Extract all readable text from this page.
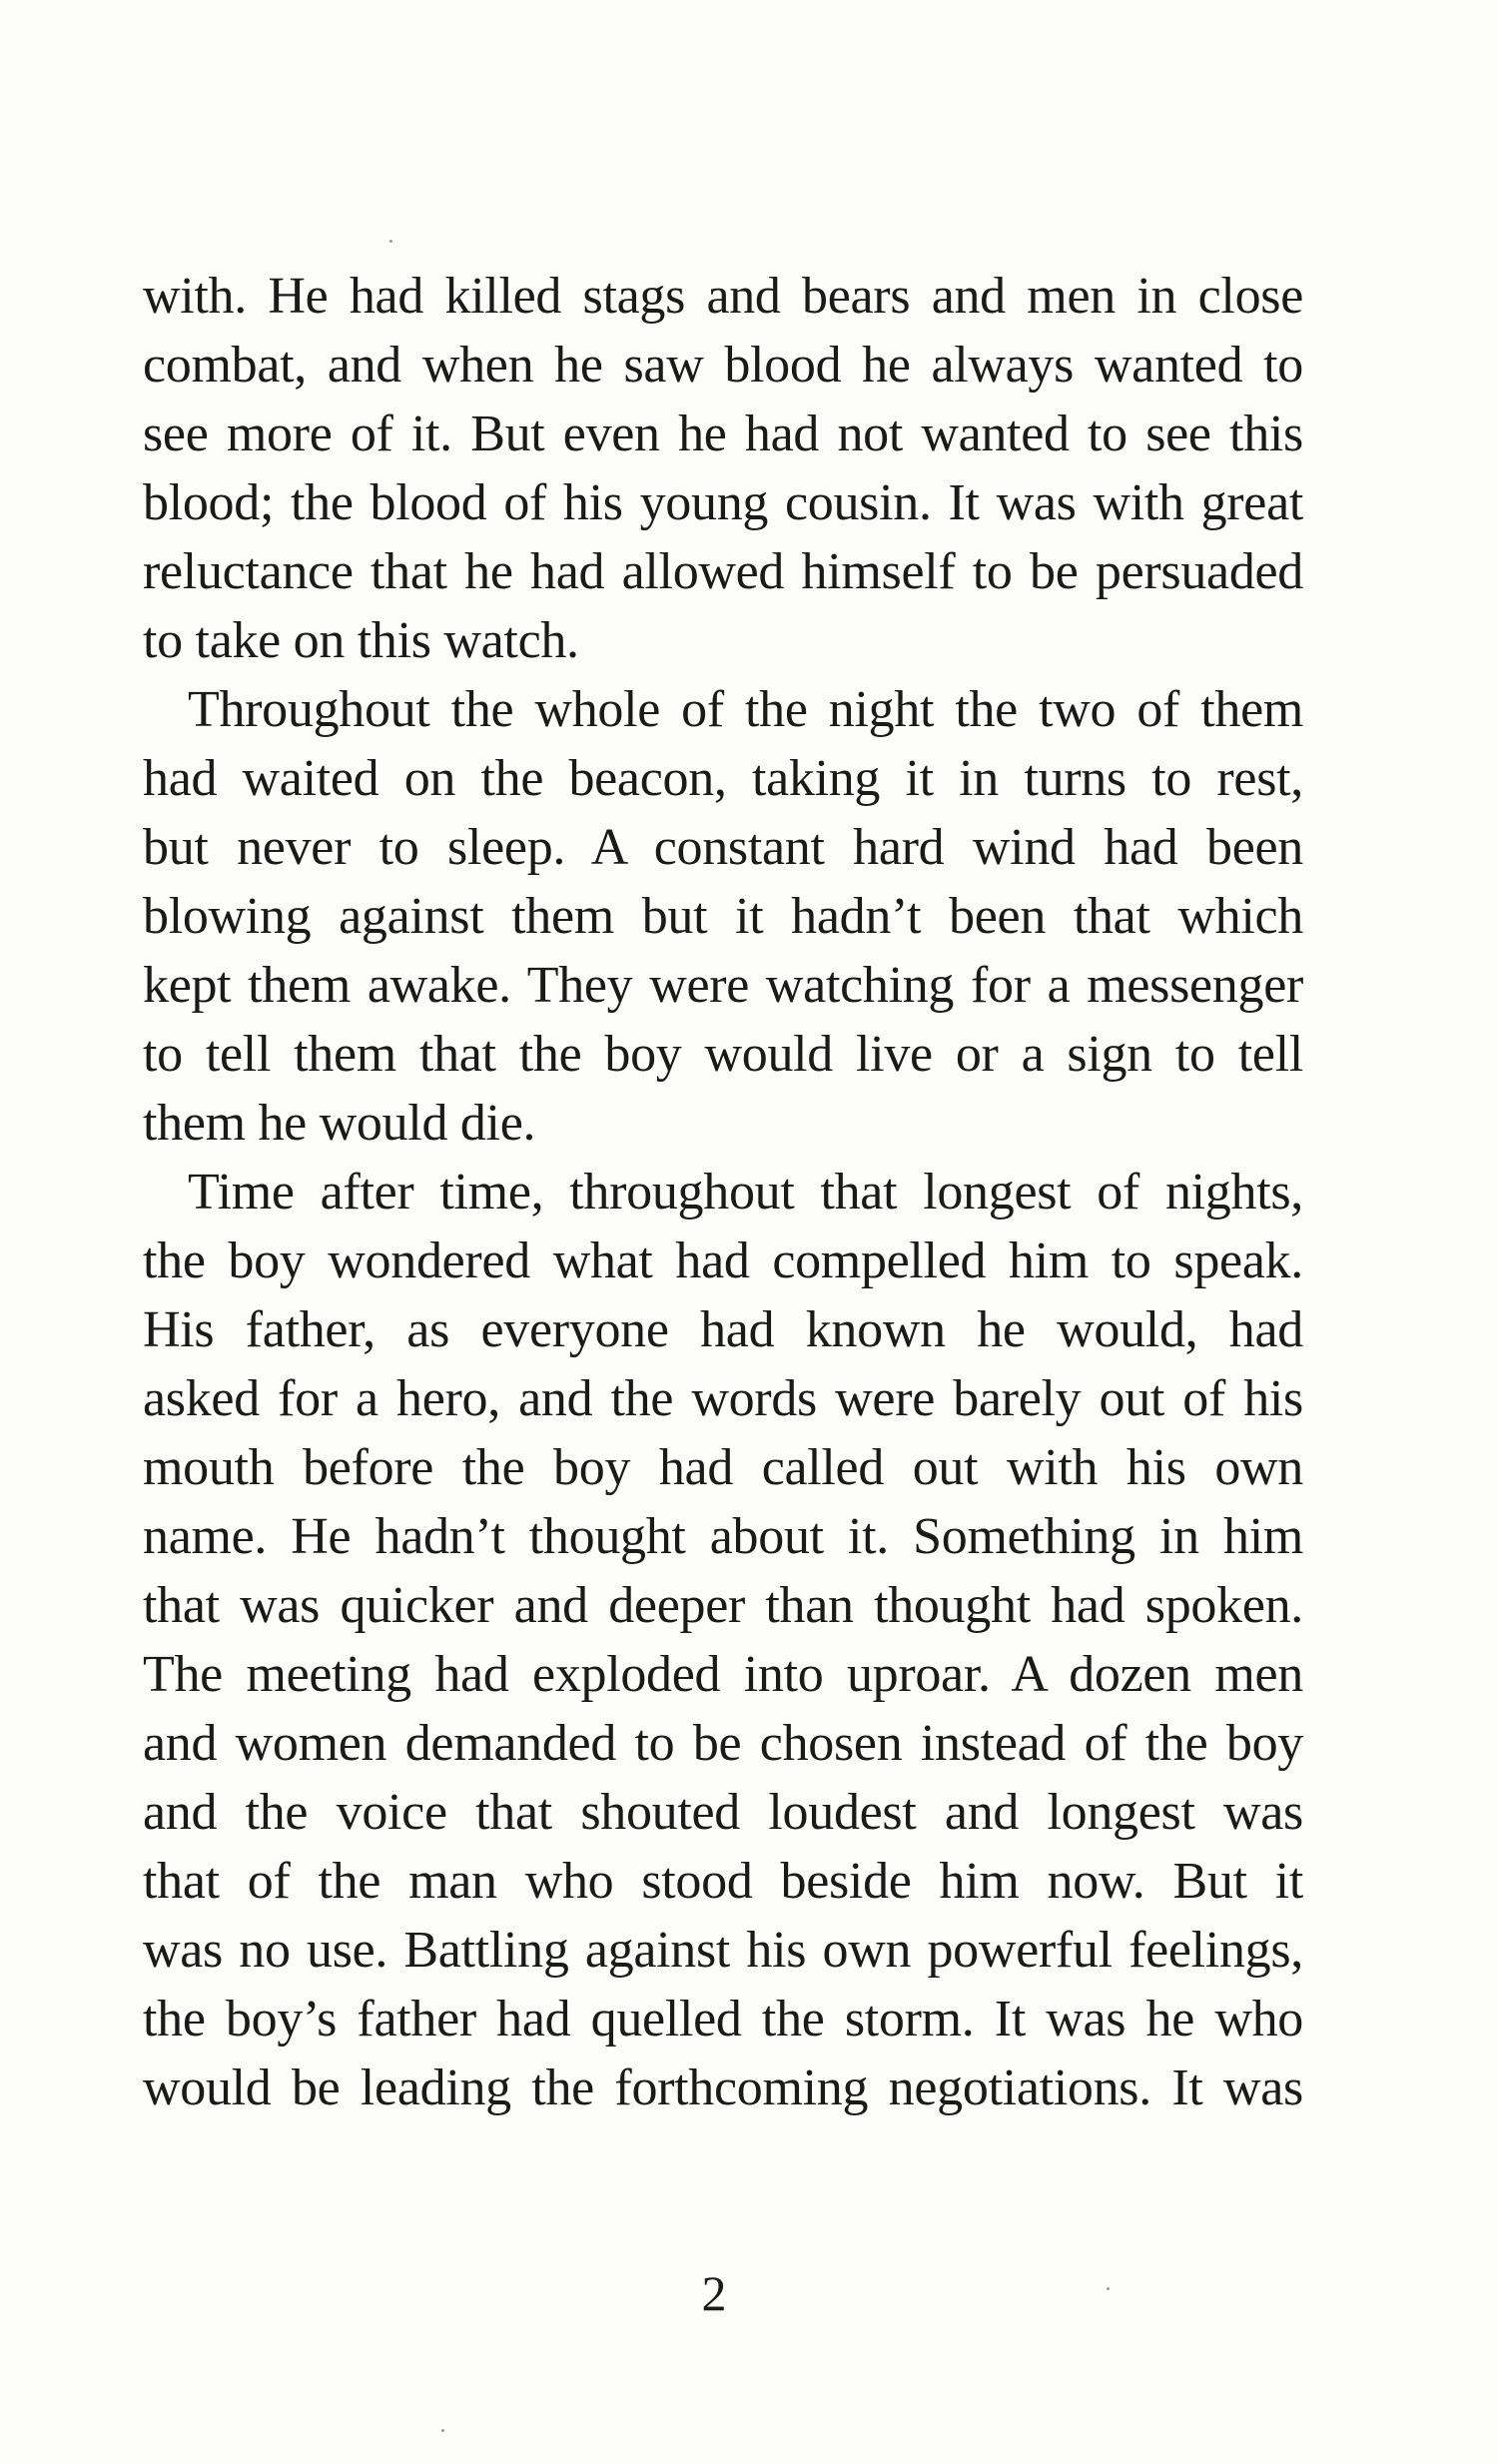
with. He had killed stags and bears and men in close
combat, and when he saw blood he always wanted to
see more of it. But even he had not wanted to see this
blood; the blood of his young cousin. It was with great
reluctance that he had allowed himself to be persuaded
to take on this watch.
Throughout the whole of the night the two of them
had waited on the beacon, taking it in turns to rest,
but never to sleep. A constant hard wind had been
blowing against them but it hadn’t been that which
kept them awake. They were watching for a messenger
to tell them that the boy would live or a sign to tell
them he would die.
Time after time, throughout that longest of nights,
the boy wondered what had compelled him to speak.
His father, as everyone had known he would, had
asked for a hero, and the words were barely out of his
mouth before the boy had called out with his own
name. He hadn’t thought about it. Something in him
that was quicker and deeper than thought had spoken.
The meeting had exploded into uproar. A dozen men
and women demanded to be chosen instead of the boy
and the voice that shouted loudest and longest was
that of the man who stood beside him now. But it
was no use. Battling against his own powerful feelings,
the boy’s father had quelled the storm. It was he who
would be leading the forthcoming negotiations. It was
2
